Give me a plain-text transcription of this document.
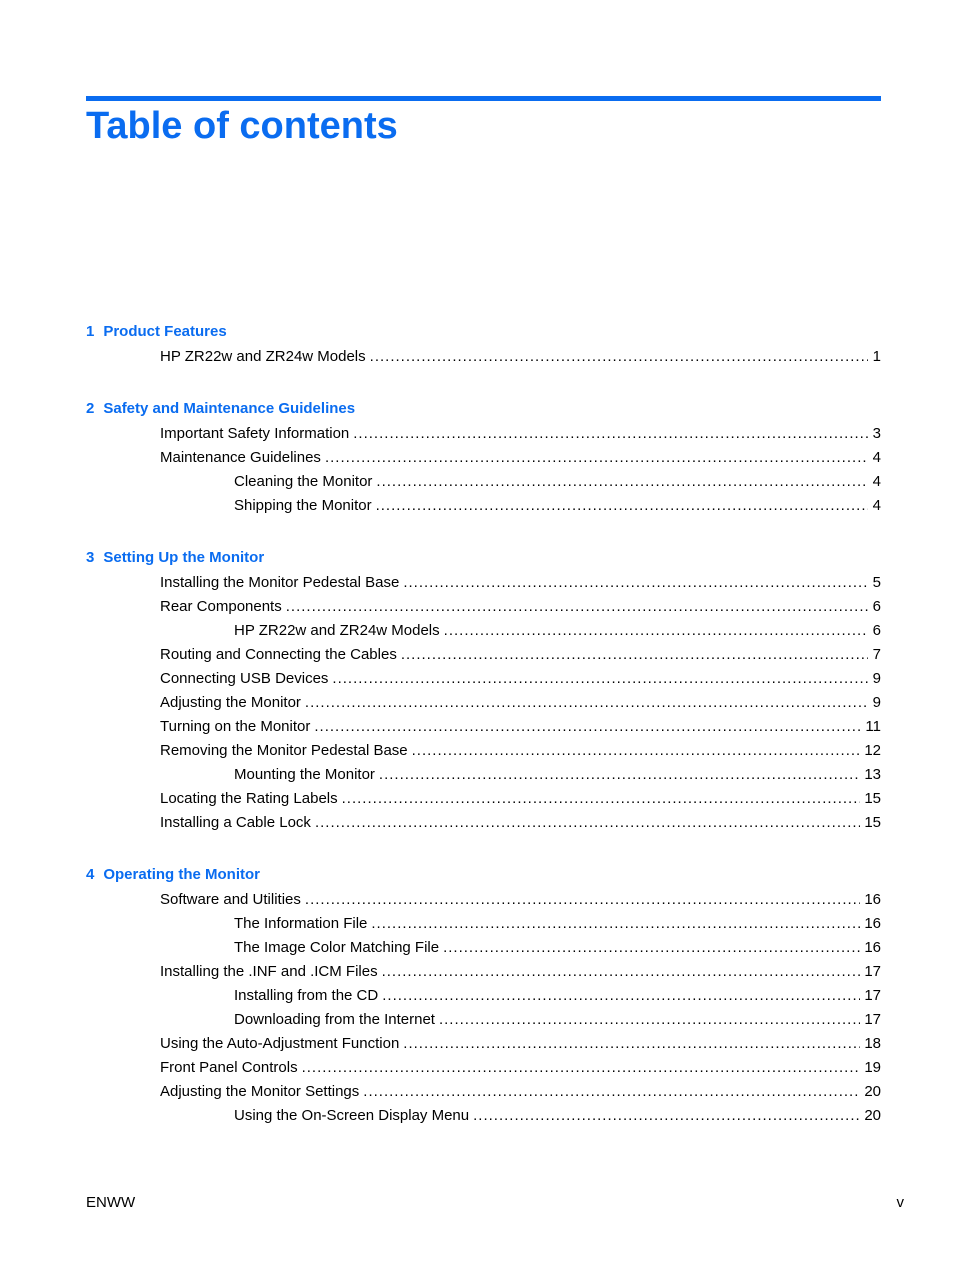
Table of contents
1 Product Features
HP ZR22w and ZR24w Models .....	1
2 Safety and Maintenance Guidelines
Important Safety Information .....	3
Maintenance Guidelines .....	4
Cleaning the Monitor .....	4
Shipping the Monitor .....	4
3 Setting Up the Monitor
Installing the Monitor Pedestal Base .....	5
Rear Components .....	6
HP ZR22w and ZR24w Models .....	6
Routing and Connecting the Cables .....	7
Connecting USB Devices .....	9
Adjusting the Monitor .....	9
Turning on the Monitor .....	11
Removing the Monitor Pedestal Base .....	12
Mounting the Monitor .....	13
Locating the Rating Labels .....	15
Installing a Cable Lock .....	15
4 Operating the Monitor
Software and Utilities .....	16
The Information File .....	16
The Image Color Matching File .....	16
Installing the .INF and .ICM Files .....	17
Installing from the CD .....	17
Downloading from the Internet .....	17
Using the Auto-Adjustment Function .....	18
Front Panel Controls .....	19
Adjusting the Monitor Settings .....	20
Using the On-Screen Display Menu .....	20
ENWW	v
